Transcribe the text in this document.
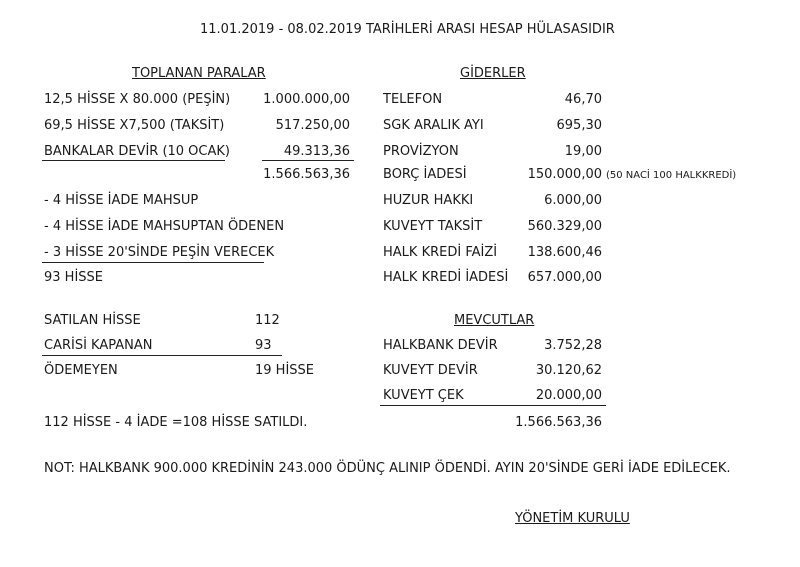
11.01.2019 - 08.02.2019 TARİHLERİ ARASI HESAP HÜLASASIDIR
TOPLANAN PARALAR
12,5 HİSSE X 80.000 (PEŞİN)	1.000.000,00
69,5 HİSSE X7,500 (TAKSİT)	517.250,00
BANKALAR DEVİR (10 OCAK)	49.313,36
1.566.563,36
- 4 HİSSE İADE MAHSUP
- 4 HİSSE İADE MAHSUPTAN ÖDENEN
- 3 HİSSE 20'SİNDE PEŞİN VERECEK
93 HİSSE
SATILAN HİSSE	112
CARİSİ KAPANAN	93
ÖDEMEYEN	19 HİSSE
112 HİSSE - 4 İADE =108 HİSSE SATILDI.
GİDERLER
TELEFON	46,70
SGK ARALIK AYI	695,30
PROVİZYON	19,00
BORÇ İADESİ	150.000,00 (50 NACİ 100 HALKKREDİ)
HUZUR HAKKI	6.000,00
KUVEYT TAKSİT	560.329,00
HALK KREDİ FAİZİ	138.600,46
HALK KREDİ İADESİ	657.000,00
MEVCUTLAR
HALKBANK DEVİR	3.752,28
KUVEYT DEVİR	30.120,62
KUVEYT ÇEK	20.000,00
1.566.563,36
NOT: HALKBANK 900.000 KREDİNİN 243.000 ÖDÜNÇ ALINIP ÖDENDİ. AYIN 20'SİNDE GERİ İADE EDİLECEK.
YÖNETİM KURULU
